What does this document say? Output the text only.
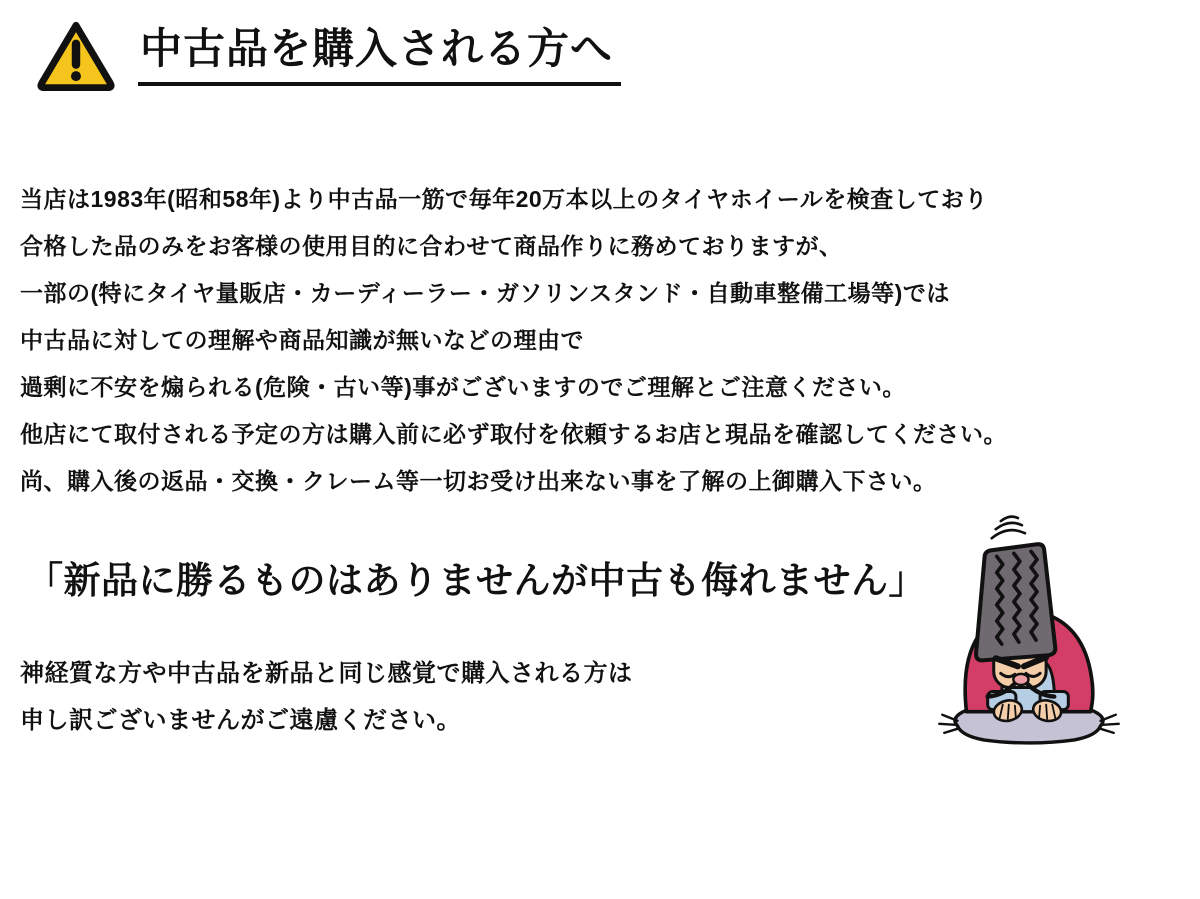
中古品を購入される方へ

当店は1983年(昭和58年)より中古品一筋で毎年20万本以上のタイヤホイールを検査しており

合格した品のみをお客様の使用目的に合わせて商品作りに務めておりますが、

一部の(特にタイヤ量販店・カーディーラー・ガソリンスタンド・自動車整備工場等)では

中古品に対しての理解や商品知識が無いなどの理由で

過剰に不安を煽られる(危険・古い等)事がございますのでご理解とご注意ください。

他店にて取付される予定の方は購入前に必ず取付を依頼するお店と現品を確認してください。

尚、購入後の返品・交換・クレーム等一切お受け出来ない事を了解の上御購入下さい。

「新品に勝るものはありませんが中古も侮れません」

神経質な方や中古品を新品と同じ感覚で購入される方は

申し訳ございませんがご遠慮ください。
